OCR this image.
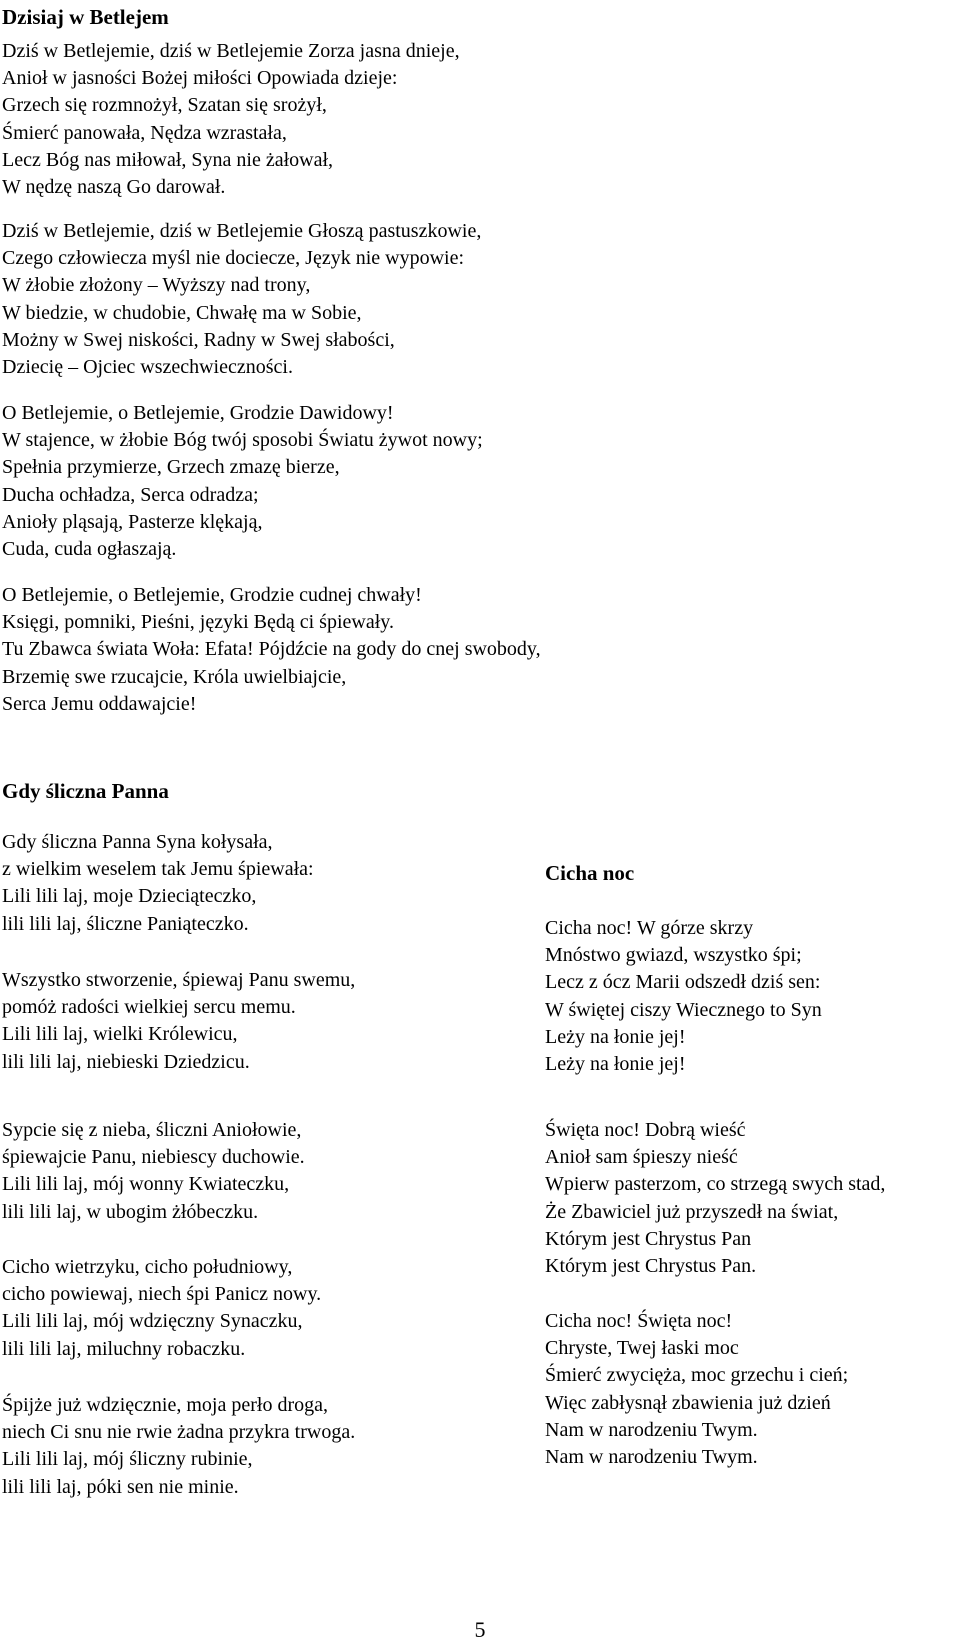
Dzisiaj w Betlejem
Dziś w Betlejemie, dziś w Betlejemie Zorza jasna dnieje,
Anioł w jasności Bożej miłości Opowiada dzieje:
Grzech się rozmnożył, Szatan się srożył,
Śmierć panowała, Nędza wzrastała,
Lecz Bóg nas miłował, Syna nie żałował,
W nędzę naszą Go darował.
Dziś w Betlejemie, dziś w Betlejemie Głoszą pastuszkowie,
Czego człowiecza myśl nie dociecze, Język nie wypowie:
W żłobie złożony – Wyższy nad trony,
W biedzie, w chudobie, Chwałę ma w Sobie,
Możny w Swej niskości, Radny w Swej słabości,
Dziecię – Ojciec wszechwieczności.
O Betlejemie, o Betlejemie, Grodzie Dawidowy!
W stajence, w żłobie Bóg twój sposobi Światu żywot nowy;
Spełnia przymierze, Grzech zmazę bierze,
Ducha ochładza, Serca odradza;
Anioły pląsają, Pasterze klękają,
Cuda, cuda ogłaszają.
O Betlejemie, o Betlejemie, Grodzie cudnej chwały!
Księgi, pomniki, Pieśni, języki Będą ci śpiewały.
Tu Zbawca świata Woła: Efata! Pójdźcie na gody do cnej swobody,
Brzemię swe rzucajcie, Króla uwielbiajcie,
Serca Jemu oddawajcie!
Gdy śliczna Panna
Gdy śliczna Panna Syna kołysała,
z wielkim weselem tak Jemu śpiewała:
Lili lili laj, moje Dzieciąteczko,
lili lili laj, śliczne Paniąteczko.
Wszystko stworzenie, śpiewaj Panu swemu,
pomóż radości wielkiej sercu memu.
Lili lili laj, wielki Królewicu,
lili lili laj, niebieski Dziedzicu.
Sypcie się z nieba, śliczni Aniołowie,
śpiewajcie Panu, niebiescy duchowie.
Lili lili laj, mój wonny Kwiateczku,
lili lili laj, w ubogim żłóbeczku.
Cicho wietrzyku, cicho południowy,
cicho powiewaj, niech śpi Panicz nowy.
Lili lili laj, mój wdzięczny Synaczku,
lili lili laj, miluchny robaczku.
Śpijże już wdzięcznie, moja perło droga,
niech Ci snu nie rwie żadna przykra trwoga.
Lili lili laj, mój śliczny rubinie,
lili lili laj, póki sen nie minie.
Cicha noc
Cicha noc! W górze skrzy
Mnóstwo gwiazd, wszystko śpi;
Lecz z ócz Marii odszedł dziś sen:
W świętej ciszy Wiecznego to Syn
Leży na łonie jej!
Leży na łonie jej!
Święta noc! Dobrą wieść
Anioł sam śpieszy nieść
Wpierw pasterzom, co strzegą swych stad,
Że Zbawiciel już przyszedł na świat,
Którym jest Chrystus Pan
Którym jest Chrystus Pan.
Cicha noc! Święta noc!
Chryste, Twej łaski moc
Śmierć zwycięża, moc grzechu i cień;
Więc zabłysnął zbawienia już dzień
Nam w narodzeniu Twym.
Nam w narodzeniu Twym.
5
